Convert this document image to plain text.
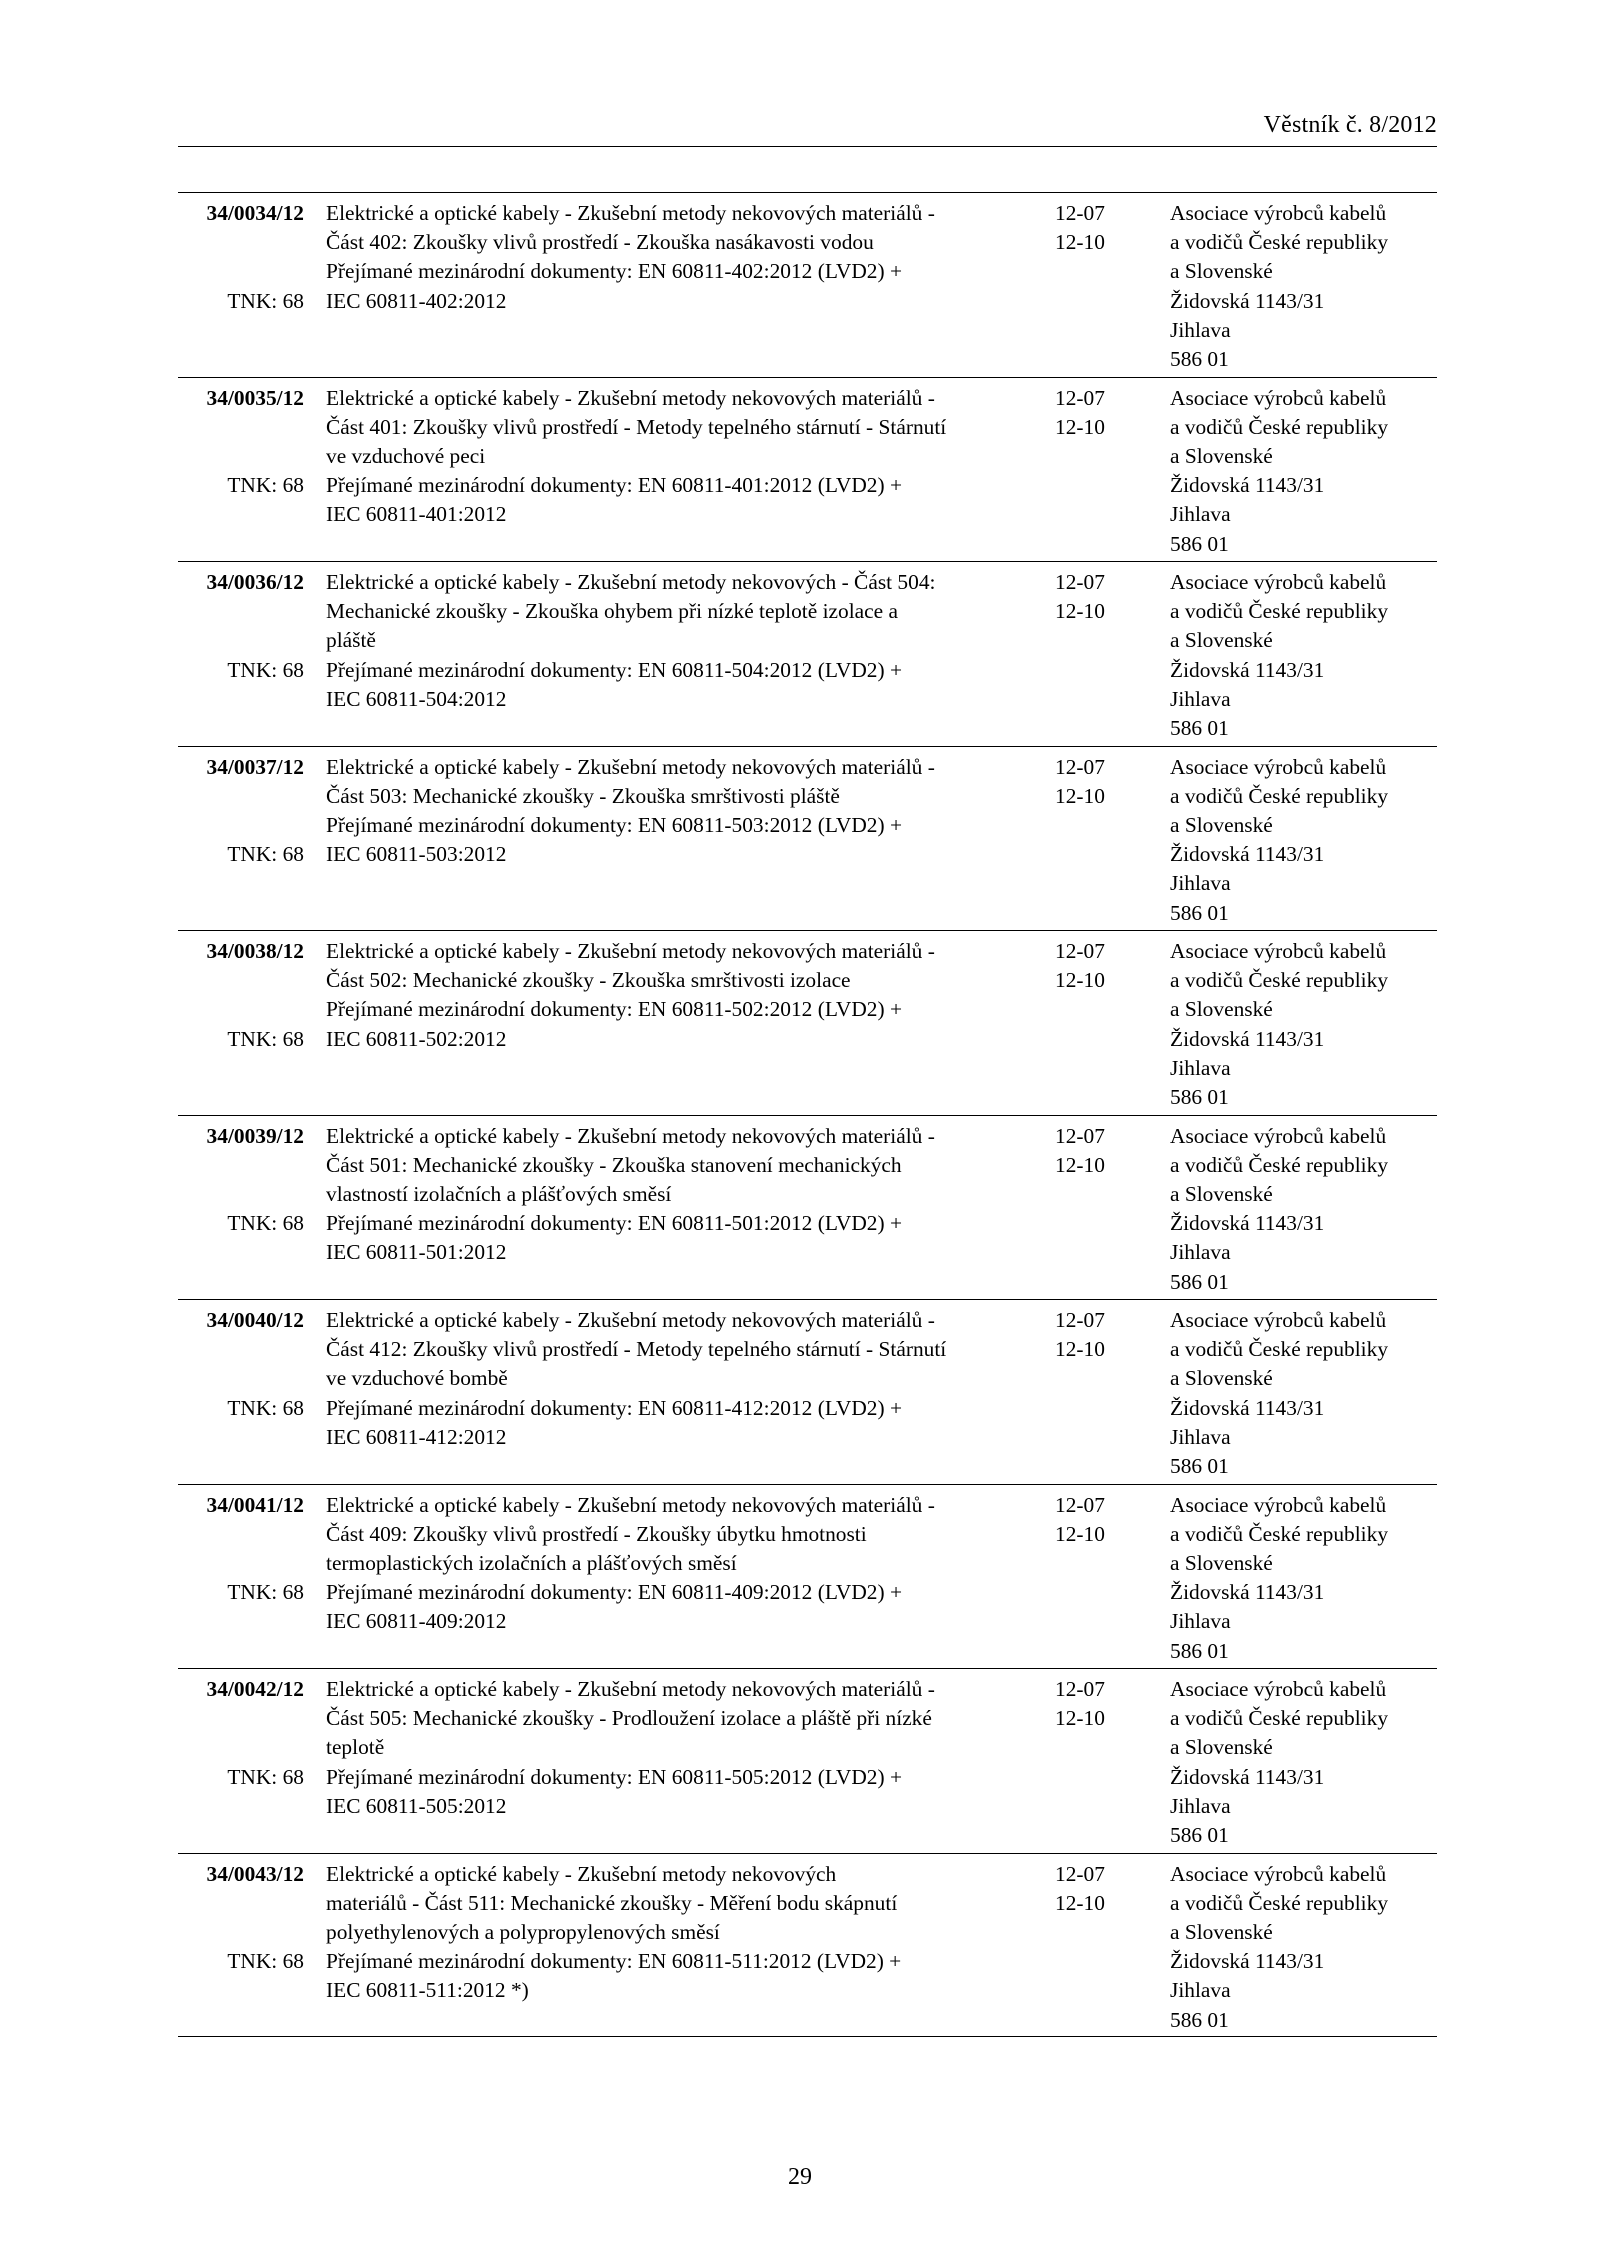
Věstník č. 8/2012
34/0034/12
TNK: 68
Elektrické a optické kabely - Zkušební metody nekovových materiálů -
Část 402: Zkoušky vlivů prostředí - Zkouška nasákavosti vodou
Přejímané mezinárodní dokumenty: EN 60811-402:2012 (LVD2) +
IEC 60811-402:2012
12-07
12-10
Asociace výrobců kabelů
a vodičů České republiky
a Slovenské
Židovská 1143/31
Jihlava
586 01
34/0035/12
TNK: 68
Elektrické a optické kabely - Zkušební metody nekovových materiálů -
Část 401: Zkoušky vlivů prostředí - Metody tepelného stárnutí - Stárnutí
ve vzduchové peci
Přejímané mezinárodní dokumenty: EN 60811-401:2012 (LVD2) +
IEC 60811-401:2012
12-07
12-10
Asociace výrobců kabelů
a vodičů České republiky
a Slovenské
Židovská 1143/31
Jihlava
586 01
34/0036/12
TNK: 68
Elektrické a optické kabely - Zkušební metody nekovových - Část 504:
Mechanické zkoušky - Zkouška ohybem při nízké teplotě izolace a
pláště
Přejímané mezinárodní dokumenty: EN 60811-504:2012 (LVD2) +
IEC 60811-504:2012
12-07
12-10
Asociace výrobců kabelů
a vodičů České republiky
a Slovenské
Židovská 1143/31
Jihlava
586 01
34/0037/12
TNK: 68
Elektrické a optické kabely - Zkušební metody nekovových materiálů -
Část 503: Mechanické zkoušky - Zkouška smrštivosti pláště
Přejímané mezinárodní dokumenty: EN 60811-503:2012 (LVD2) +
IEC 60811-503:2012
12-07
12-10
Asociace výrobců kabelů
a vodičů České republiky
a Slovenské
Židovská 1143/31
Jihlava
586 01
34/0038/12
TNK: 68
Elektrické a optické kabely - Zkušební metody nekovových materiálů -
Část 502: Mechanické zkoušky - Zkouška smrštivosti izolace
Přejímané mezinárodní dokumenty: EN 60811-502:2012 (LVD2) +
IEC 60811-502:2012
12-07
12-10
Asociace výrobců kabelů
a vodičů České republiky
a Slovenské
Židovská 1143/31
Jihlava
586 01
34/0039/12
TNK: 68
Elektrické a optické kabely - Zkušební metody nekovových materiálů -
Část 501: Mechanické zkoušky - Zkouška stanovení mechanických
vlastností izolačních a plášťových směsí
Přejímané mezinárodní dokumenty: EN 60811-501:2012 (LVD2) +
IEC 60811-501:2012
12-07
12-10
Asociace výrobců kabelů
a vodičů České republiky
a Slovenské
Židovská 1143/31
Jihlava
586 01
34/0040/12
TNK: 68
Elektrické a optické kabely - Zkušební metody nekovových materiálů -
Část 412: Zkoušky vlivů prostředí - Metody tepelného stárnutí - Stárnutí
ve vzduchové bombě
Přejímané mezinárodní dokumenty: EN 60811-412:2012 (LVD2) +
IEC 60811-412:2012
12-07
12-10
Asociace výrobců kabelů
a vodičů České republiky
a Slovenské
Židovská 1143/31
Jihlava
586 01
34/0041/12
TNK: 68
Elektrické a optické kabely - Zkušební metody nekovových materiálů -
Část 409: Zkoušky vlivů prostředí - Zkoušky úbytku hmotnosti
termoplastických izolačních a plášťových směsí
Přejímané mezinárodní dokumenty: EN 60811-409:2012 (LVD2) +
IEC 60811-409:2012
12-07
12-10
Asociace výrobců kabelů
a vodičů České republiky
a Slovenské
Židovská 1143/31
Jihlava
586 01
34/0042/12
TNK: 68
Elektrické a optické kabely - Zkušební metody nekovových materiálů -
Část 505: Mechanické zkoušky - Prodloužení izolace a pláště při nízké
teplotě
Přejímané mezinárodní dokumenty: EN 60811-505:2012 (LVD2) +
IEC 60811-505:2012
12-07
12-10
Asociace výrobců kabelů
a vodičů České republiky
a Slovenské
Židovská 1143/31
Jihlava
586 01
34/0043/12
TNK: 68
Elektrické a optické kabely - Zkušební metody nekovových
materiálů - Část 511: Mechanické zkoušky - Měření bodu skápnutí
polyethylenových a polypropylenových směsí
Přejímané mezinárodní dokumenty: EN 60811-511:2012 (LVD2) +
IEC 60811-511:2012 *)
12-07
12-10
Asociace výrobců kabelů
a vodičů České republiky
a Slovenské
Židovská 1143/31
Jihlava
586 01
29
